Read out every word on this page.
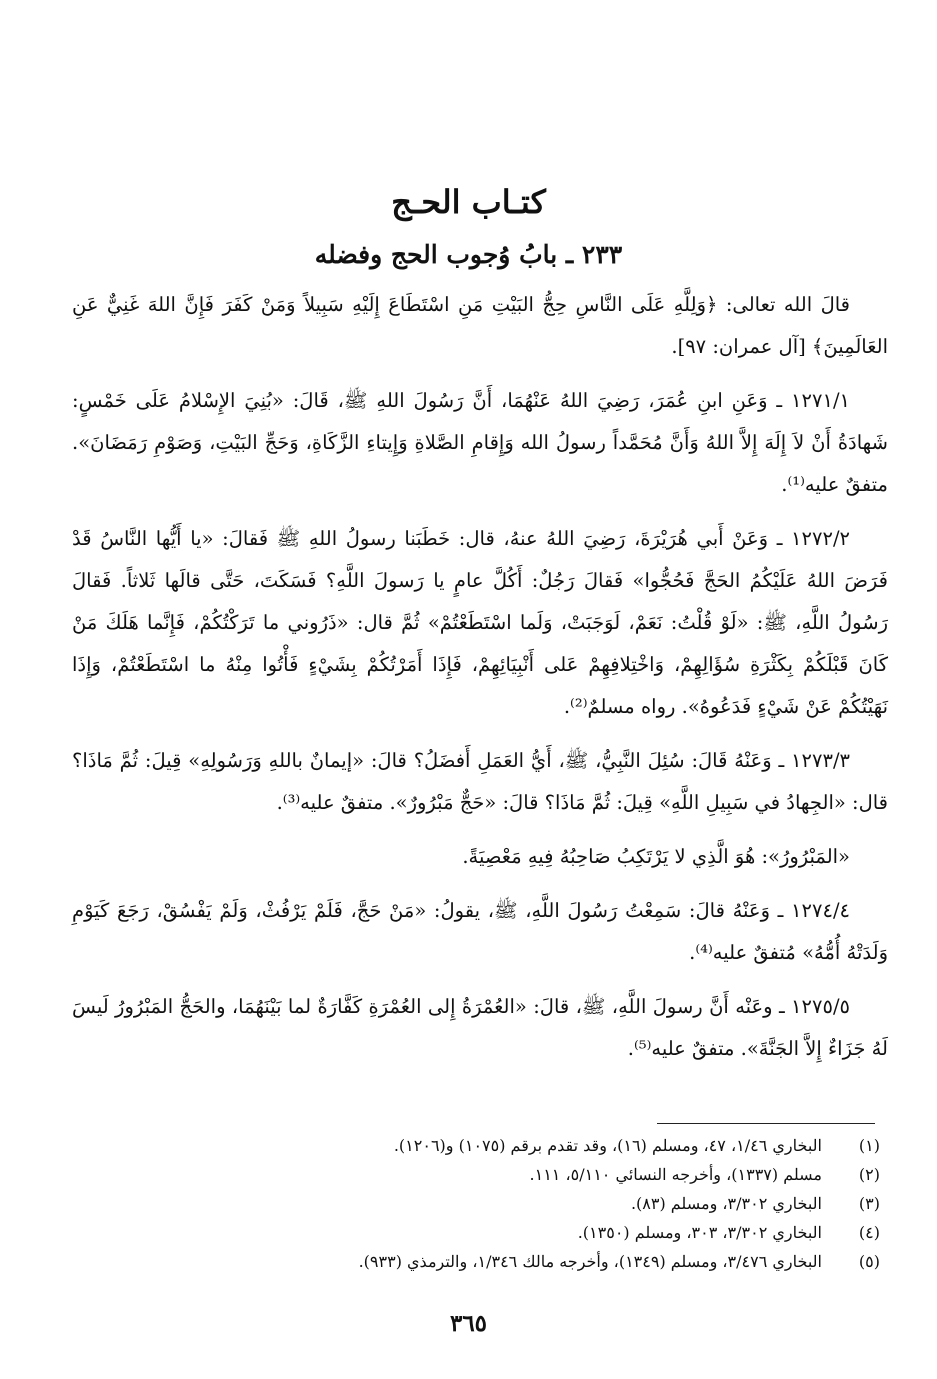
كتـاب الحـج
٢٣٣ ـ بابُ وُجوب الحج وفضله

قالَ الله تعالى: ﴿وَلِلَّهِ عَلَى النَّاسِ حِجُّ البَيْتِ مَنِ اسْتَطَاعَ إِلَيْهِ سَبِيلاً وَمَنْ كَفَرَ فَإِنَّ اللهَ غَنِيٌّ عَنِ العَالَمِينَ﴾ [آل عمران: ٩٧].

١٢٧١/١ ـ وَعَنِ ابنِ عُمَرَ، رَضِيَ اللهُ عَنْهُمَا، أَنَّ رَسُولَ اللهِ ﷺ، قَالَ: «بُنِيَ الإِسْلامُ عَلَى خَمْسٍ: شَهادَةُ أَنْ لاَ إِلَهَ إِلاَّ اللهُ وَأَنَّ مُحَمَّداً رسولُ الله وَإِقامِ الصَّلاةِ وَإِيتاءِ الزَّكَاةِ، وَحَجِّ البَيْتِ، وَصَوْمِ رَمَضَانَ». متفقٌ عليه⁽¹⁾.

١٢٧٢/٢ ـ وَعَنْ أَبي هُرَيْرَةَ، رَضِيَ اللهُ عنهُ، قال: خَطَبَنا رسولُ اللهِ ﷺ فَقالَ: «يا أَيُّها النَّاسُ قَدْ فَرَضَ اللهُ عَلَيْكُمُ الحَجَّ فَحُجُّوا» فَقالَ رَجُلٌ: أَكُلَّ عامٍ يا رَسولَ اللَّهِ؟ فَسَكَتَ، حَتَّى قالَها ثَلاثاً. فَقالَ رَسُولُ اللَّهِ، ﷺ: «لَوْ قُلْتُ: نَعَمْ، لَوَجَبَتْ، وَلَما اسْتَطَعْتُمْ» ثُمَّ قال: «ذَرُوني ما تَرَكْتُكُمْ، فَإِنَّما هَلَكَ مَنْ كَانَ قَبْلَكُمْ بِكَثْرَةِ سُؤَالِهِمْ، وَاخْتِلافِهِمْ عَلى أَنْبِيَائِهِمْ، فَإِذَا أَمَرْتُكُمْ بِشَيْءٍ فَأْتُوا مِنْهُ ما اسْتَطَعْتُمْ، وَإِذَا نَهَيْتُكُمْ عَنْ شَيْءٍ فَدَعُوهُ». رواه مسلمٌ⁽²⁾.

١٢٧٣/٣ ـ وَعَنْهُ قَالَ: سُئِلَ النَّبِيُّ، ﷺ، أَيُّ العَمَلِ أَفضَلُ؟ قالَ: «إيمانٌ باللهِ وَرَسُولِهِ» قِيلَ: ثُمَّ مَاذَا؟ قال: «الجِهادُ في سَبِيلِ اللَّهِ» قِيلَ: ثُمَّ مَاذَا؟ قالَ: «حَجٌّ مَبْرُورٌ». متفقٌ عليه⁽³⁾.

«المَبْرُورُ»: هُوَ الَّذِي لا يَرْتَكِبُ صَاحِبُهُ فِيهِ مَعْصِيَةً.

١٢٧٤/٤ ـ وَعَنْهُ قالَ: سَمِعْتُ رَسُولَ اللَّهِ، ﷺ، يقولُ: «مَنْ حَجَّ، فَلَمْ يَرْفُثْ، وَلَمْ يَفْسُقْ، رَجَعَ كَيَوْمِ وَلَدَتْهُ أُمُّهُ» مُتفقٌ عليه⁽⁴⁾.

١٢٧٥/٥ ـ وعَنْه أَنَّ رسولَ اللَّهِ، ﷺ، قالَ: «العُمْرَةُ إِلى العُمْرَةِ كَفَّارَةٌ لما بَيْنَهُمَا، والحَجُّ المَبْرُورُ لَيسَ لَهُ جَزَاءٌ إِلاَّ الجَنَّةَ». متفقٌ عليه⁽⁵⁾.

(١)
البخاري ١/٤٦، ٤٧، ومسلم (١٦)، وقد تقدم برقم (١٠٧٥) و(١٢٠٦).
(٢)
مسلم (١٣٣٧)، وأخرجه النسائي ٥/١١٠، ١١١.
(٣)
البخاري ٣/٣٠٢، ومسلم (٨٣).
(٤)
البخاري ٣/٣٠٢، ٣٠٣، ومسلم (١٣٥٠).
(٥)
البخاري ٣/٤٧٦، ومسلم (١٣٤٩)، وأخرجه مالك ١/٣٤٦، والترمذي (٩٣٣).
٣٦٥
